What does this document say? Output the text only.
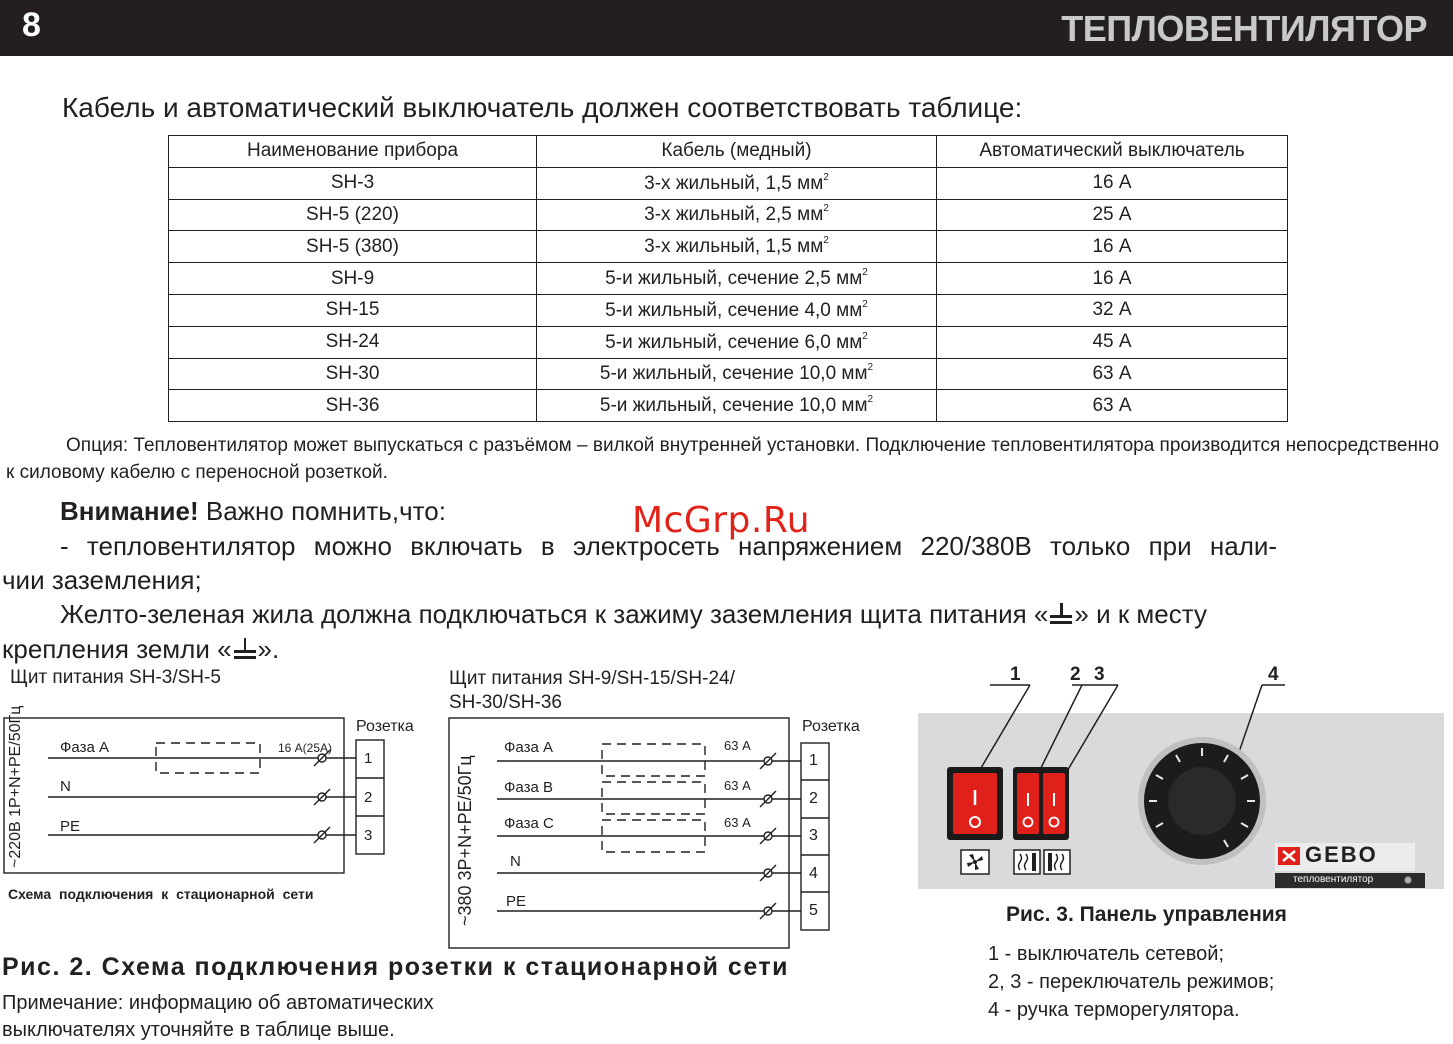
8	ТЕПЛОВЕНТИЛЯТОР
Кабель и автоматический выключатель должен соответствовать таблице:
Наименование прибора	Кабель (медный)	Автоматический выключатель
SH-3	3-х жильный, 1,5 $мм^2$	16 А
SH-5 (220)	3-х жильный, 2,5 $мм^2$	25 А
SH-5 (380)	3-х жильный, 1,5 $мм^2$	16 А
SH-9	5-и жильный, сечение 2,5 $мм^2$	16 А
SH-15	5-и жильный, сечение 4,0 $мм^2$	32 А
SH-24	5-и жильный, сечение 6,0 $мм^2$	45 А
SH-30	5-и жильный, сечение 10,0 $мм^2$	63 А
SH-36	5-и жильный, сечение 10,0 $мм^2$	63 А
Опция: Тепловентилятор может выпускаться с разъёмом – вилкой внутренней установки. Подключение тепловентилятора производится непосредственно к силовому кабелю с переносной розеткой.
Внимание! Важно помнить,что:
- тепловентилятор можно включать в электросеть напряжением 220/380В только при нали-
чии заземления;
Желто-зеленая жила должна подключаться к зажиму заземления щита питания « » и к месту
крепления земли « ».
McGrp.Ru
Щит питания SH-3/SH-5
Розетка
~220В 1P+N+PE/50Гц Фаза А
N
PE
16 А(25А)
1
2
3
Схема подключения к стационарной сети
Щит питания SH-9/SH-15/SH-24/
SH-30/SH-36
Розетка
~380 3P+N+PE/50Гц
Фаза А
Фаза В
Фаза С
N
PE
63 А
63 А
63 А
1
2
3
4
5
1	2 3	4
GEBO
тепловентилятор
Рис. 3. Панель управления
1 - выключатель сетевой;
2, 3 - переключатель режимов;
4 - ручка терморегулятора.
Рис. 2. Схема подключения розетки к стационарной сети
Примечание: информацию об автоматических
выключателях уточняйте в таблице выше.
